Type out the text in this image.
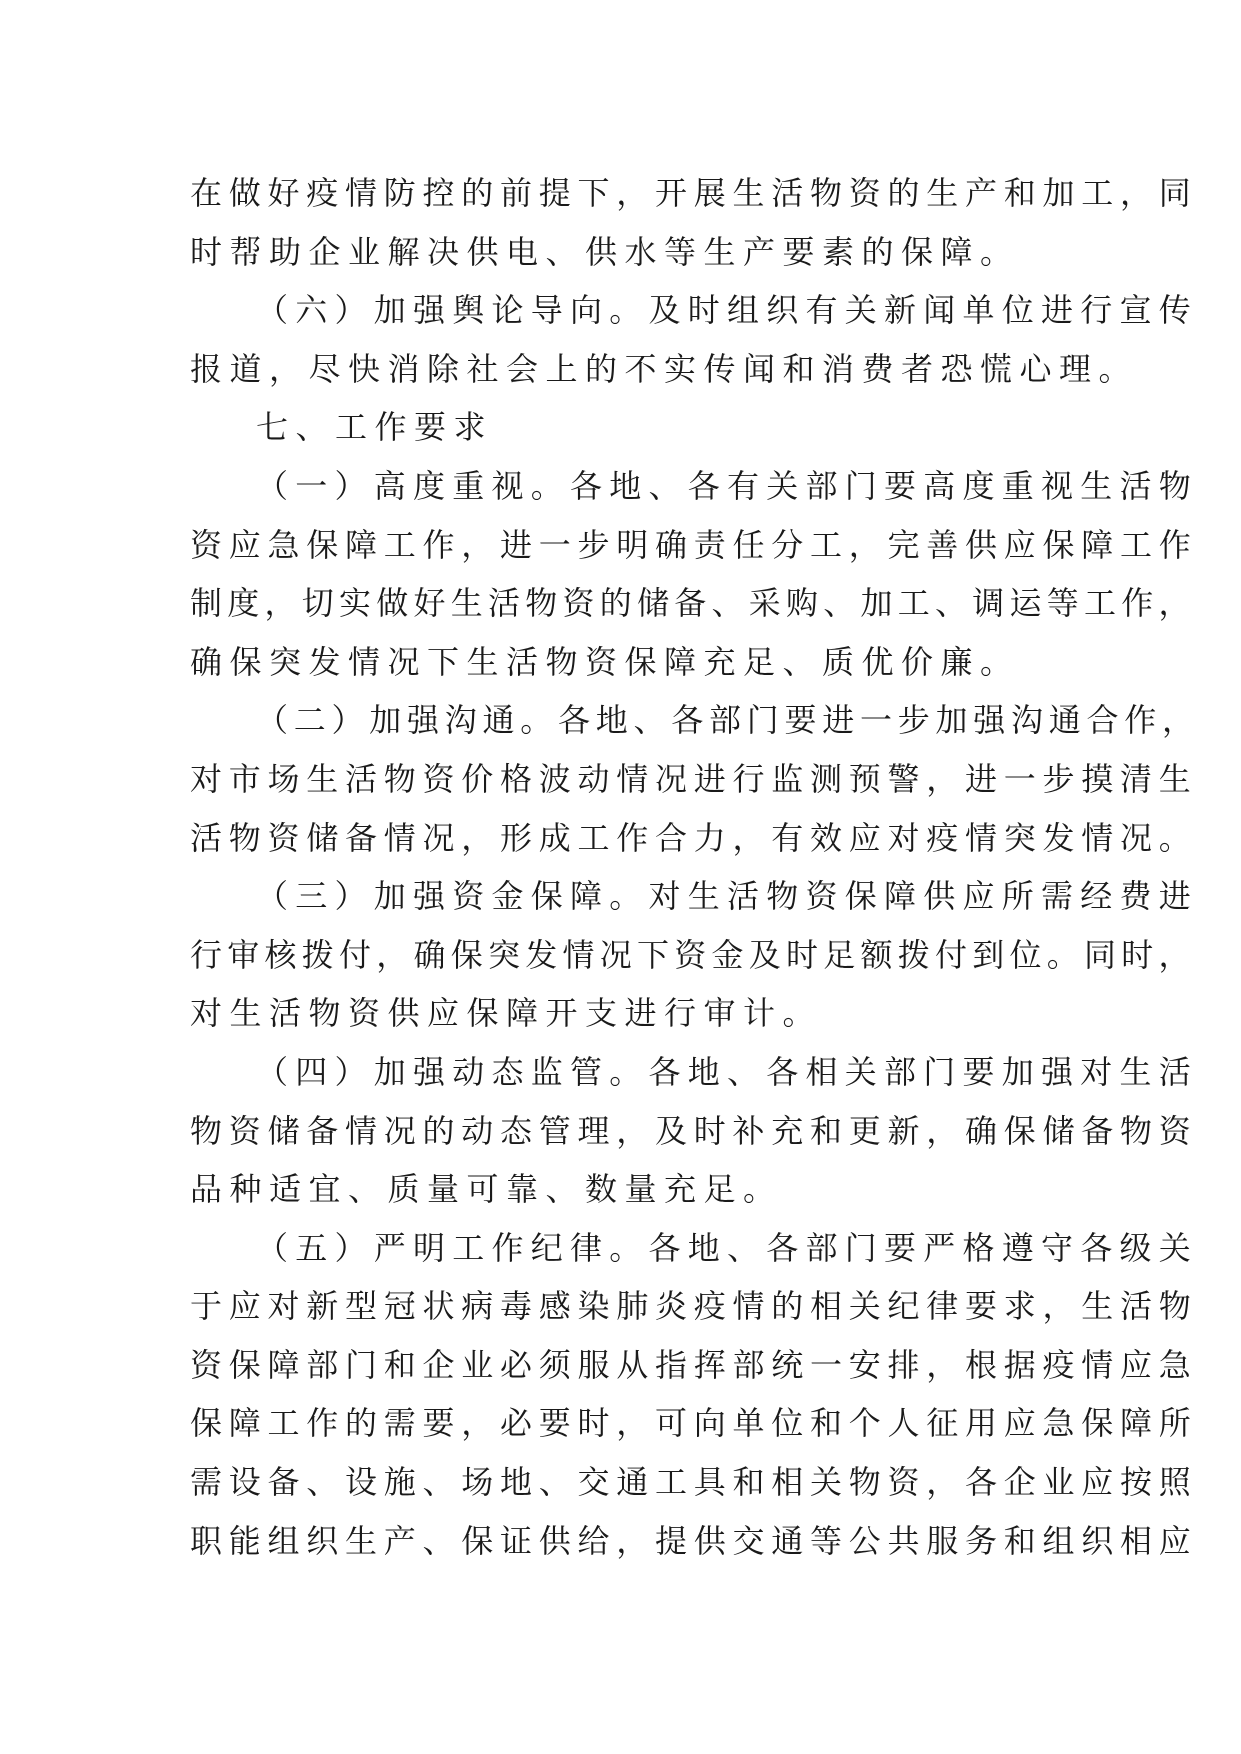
在做好疫情防控的前提下，开展生活物资的生产和加工，同
时帮助企业解决供电、供水等生产要素的保障。
（六）加强舆论导向。及时组织有关新闻单位进行宣传
报道，尽快消除社会上的不实传闻和消费者恐慌心理。
七、工作要求
（一）高度重视。各地、各有关部门要高度重视生活物
资应急保障工作，进一步明确责任分工，完善供应保障工作
制度，切实做好生活物资的储备、采购、加工、调运等工作，
确保突发情况下生活物资保障充足、质优价廉。
（二）加强沟通。各地、各部门要进一步加强沟通合作，
对市场生活物资价格波动情况进行监测预警，进一步摸清生
活物资储备情况，形成工作合力，有效应对疫情突发情况。
（三）加强资金保障。对生活物资保障供应所需经费进
行审核拨付，确保突发情况下资金及时足额拨付到位。同时，
对生活物资供应保障开支进行审计。
（四）加强动态监管。各地、各相关部门要加强对生活
物资储备情况的动态管理，及时补充和更新，确保储备物资
品种适宜、质量可靠、数量充足。
（五）严明工作纪律。各地、各部门要严格遵守各级关
于应对新型冠状病毒感染肺炎疫情的相关纪律要求，生活物
资保障部门和企业必须服从指挥部统一安排，根据疫情应急
保障工作的需要，必要时，可向单位和个人征用应急保障所
需设备、设施、场地、交通工具和相关物资，各企业应按照
职能组织生产、保证供给，提供交通等公共服务和组织相应
